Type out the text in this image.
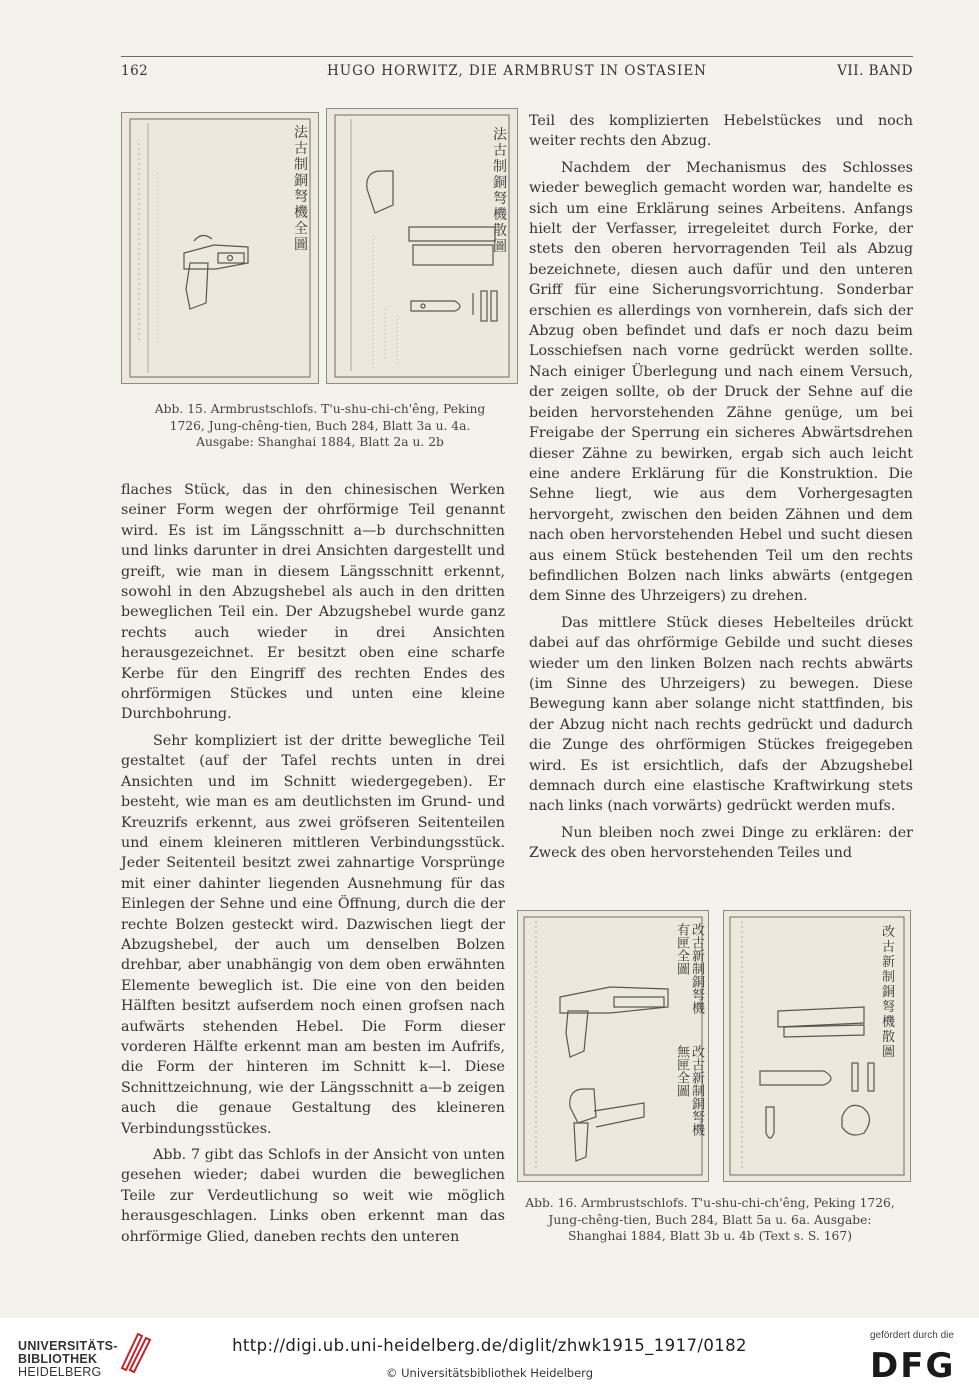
162	HUGO HORWITZ, DIE ARMBRUST IN OSTASIEN	VII. BAND
法古制銅弩機全圖
法古制銅弩機散圖
Abb. 15. Armbrustschlofs. T'u-shu-chi-ch'êng, Peking 1726, Jung-chêng-tien, Buch 284, Blatt 3a u. 4a. Ausgabe: Shanghai 1884, Blatt 2a u. 2b

flaches Stück, das in den chinesischen Werken seiner Form wegen der ohrförmige Teil genannt wird. Es ist im Längsschnitt a—b durchschnitten und links darunter in drei Ansichten dargestellt und greift, wie man in diesem Längsschnitt erkennt, sowohl in den Abzugshebel als auch in den dritten beweglichen Teil ein. Der Abzugshebel wurde ganz rechts auch wieder in drei Ansichten herausgezeichnet. Er besitzt oben eine scharfe Kerbe für den Eingriff des rechten Endes des ohrförmigen Stückes und unten eine kleine Durchbohrung.

Sehr kompliziert ist der dritte bewegliche Teil gestaltet (auf der Tafel rechts unten in drei Ansichten und im Schnitt wiedergegeben). Er besteht, wie man es am deutlichsten im Grund- und Kreuzrifs erkennt, aus zwei gröfseren Seitenteilen und einem kleineren mittleren Verbindungsstück. Jeder Seitenteil besitzt zwei zahnartige Vorsprünge mit einer dahinter liegenden Ausnehmung für das Einlegen der Sehne und eine Öffnung, durch die der rechte Bolzen gesteckt wird. Dazwischen liegt der Abzugshebel, der auch um denselben Bolzen drehbar, aber unabhängig von dem oben erwähnten Elemente beweglich ist. Die eine von den beiden Hälften besitzt aufserdem noch einen grofsen nach aufwärts stehenden Hebel. Die Form dieser vorderen Hälfte erkennt man am besten im Aufrifs, die Form der hinteren im Schnitt k—l. Diese Schnittzeichnung, wie der Längsschnitt a—b zeigen auch die genaue Gestaltung des kleineren Verbindungsstückes.

Abb. 7 gibt das Schlofs in der Ansicht von unten gesehen wieder; dabei wurden die beweglichen Teile zur Verdeutlichung so weit wie möglich herausgeschlagen. Links oben erkennt man das ohrförmige Glied, daneben rechts den unteren

Teil des komplizierten Hebelstückes und noch weiter rechts den Abzug.

Nachdem der Mechanismus des Schlosses wieder beweglich gemacht worden war, handelte es sich um eine Erklärung seines Arbeitens. Anfangs hielt der Verfasser, irregeleitet durch Forke, der stets den oberen hervorragenden Teil als Abzug bezeichnete, diesen auch dafür und den unteren Griff für eine Sicherungsvorrichtung. Sonderbar erschien es allerdings von vornherein, dafs sich der Abzug oben befindet und dafs er noch dazu beim Losschiefsen nach vorne gedrückt werden sollte. Nach einiger Überlegung und nach einem Versuch, der zeigen sollte, ob der Druck der Sehne auf die beiden hervorstehenden Zähne genüge, um bei Freigabe der Sperrung ein sicheres Abwärtsdrehen dieser Zähne zu bewirken, ergab sich auch leicht eine andere Erklärung für die Konstruktion. Die Sehne liegt, wie aus dem Vorhergesagten hervorgeht, zwischen den beiden Zähnen und dem nach oben hervorstehenden Hebel und sucht diesen aus einem Stück bestehenden Teil um den rechts befindlichen Bolzen nach links abwärts (entgegen dem Sinne des Uhrzeigers) zu drehen.

Das mittlere Stück dieses Hebelteiles drückt dabei auf das ohrförmige Gebilde und sucht dieses wieder um den linken Bolzen nach rechts abwärts (im Sinne des Uhrzeigers) zu bewegen. Diese Bewegung kann aber solange nicht stattfinden, bis der Abzug nicht nach rechts gedrückt und dadurch die Zunge des ohrförmigen Stückes freigegeben wird. Es ist ersichtlich, dafs der Abzugshebel demnach durch eine elastische Kraftwirkung stets nach links (nach vorwärts) gedrückt werden mufs.

Nun bleiben noch zwei Dinge zu erklären: der Zweck des oben hervorstehenden Teiles und

改古新制銅弩機有匣全圖
改古新制銅弩機無匣全圖
改古新制銅弩機散圖
Abb. 16. Armbrustschlofs. T'u-shu-chi-ch'êng, Peking 1726, Jung-chêng-tien, Buch 284, Blatt 5a u. 6a. Ausgabe: Shanghai 1884, Blatt 3b u. 4b (Text s. S. 167)
UNIVERSITÄTS-
BIBLIOTHEK
HEIDELBERG
http://digi.ub.uni-heidelberg.de/diglit/zhwk1915_1917/0182
© Universitätsbibliothek Heidelberg
gefördert durch die
DFG
